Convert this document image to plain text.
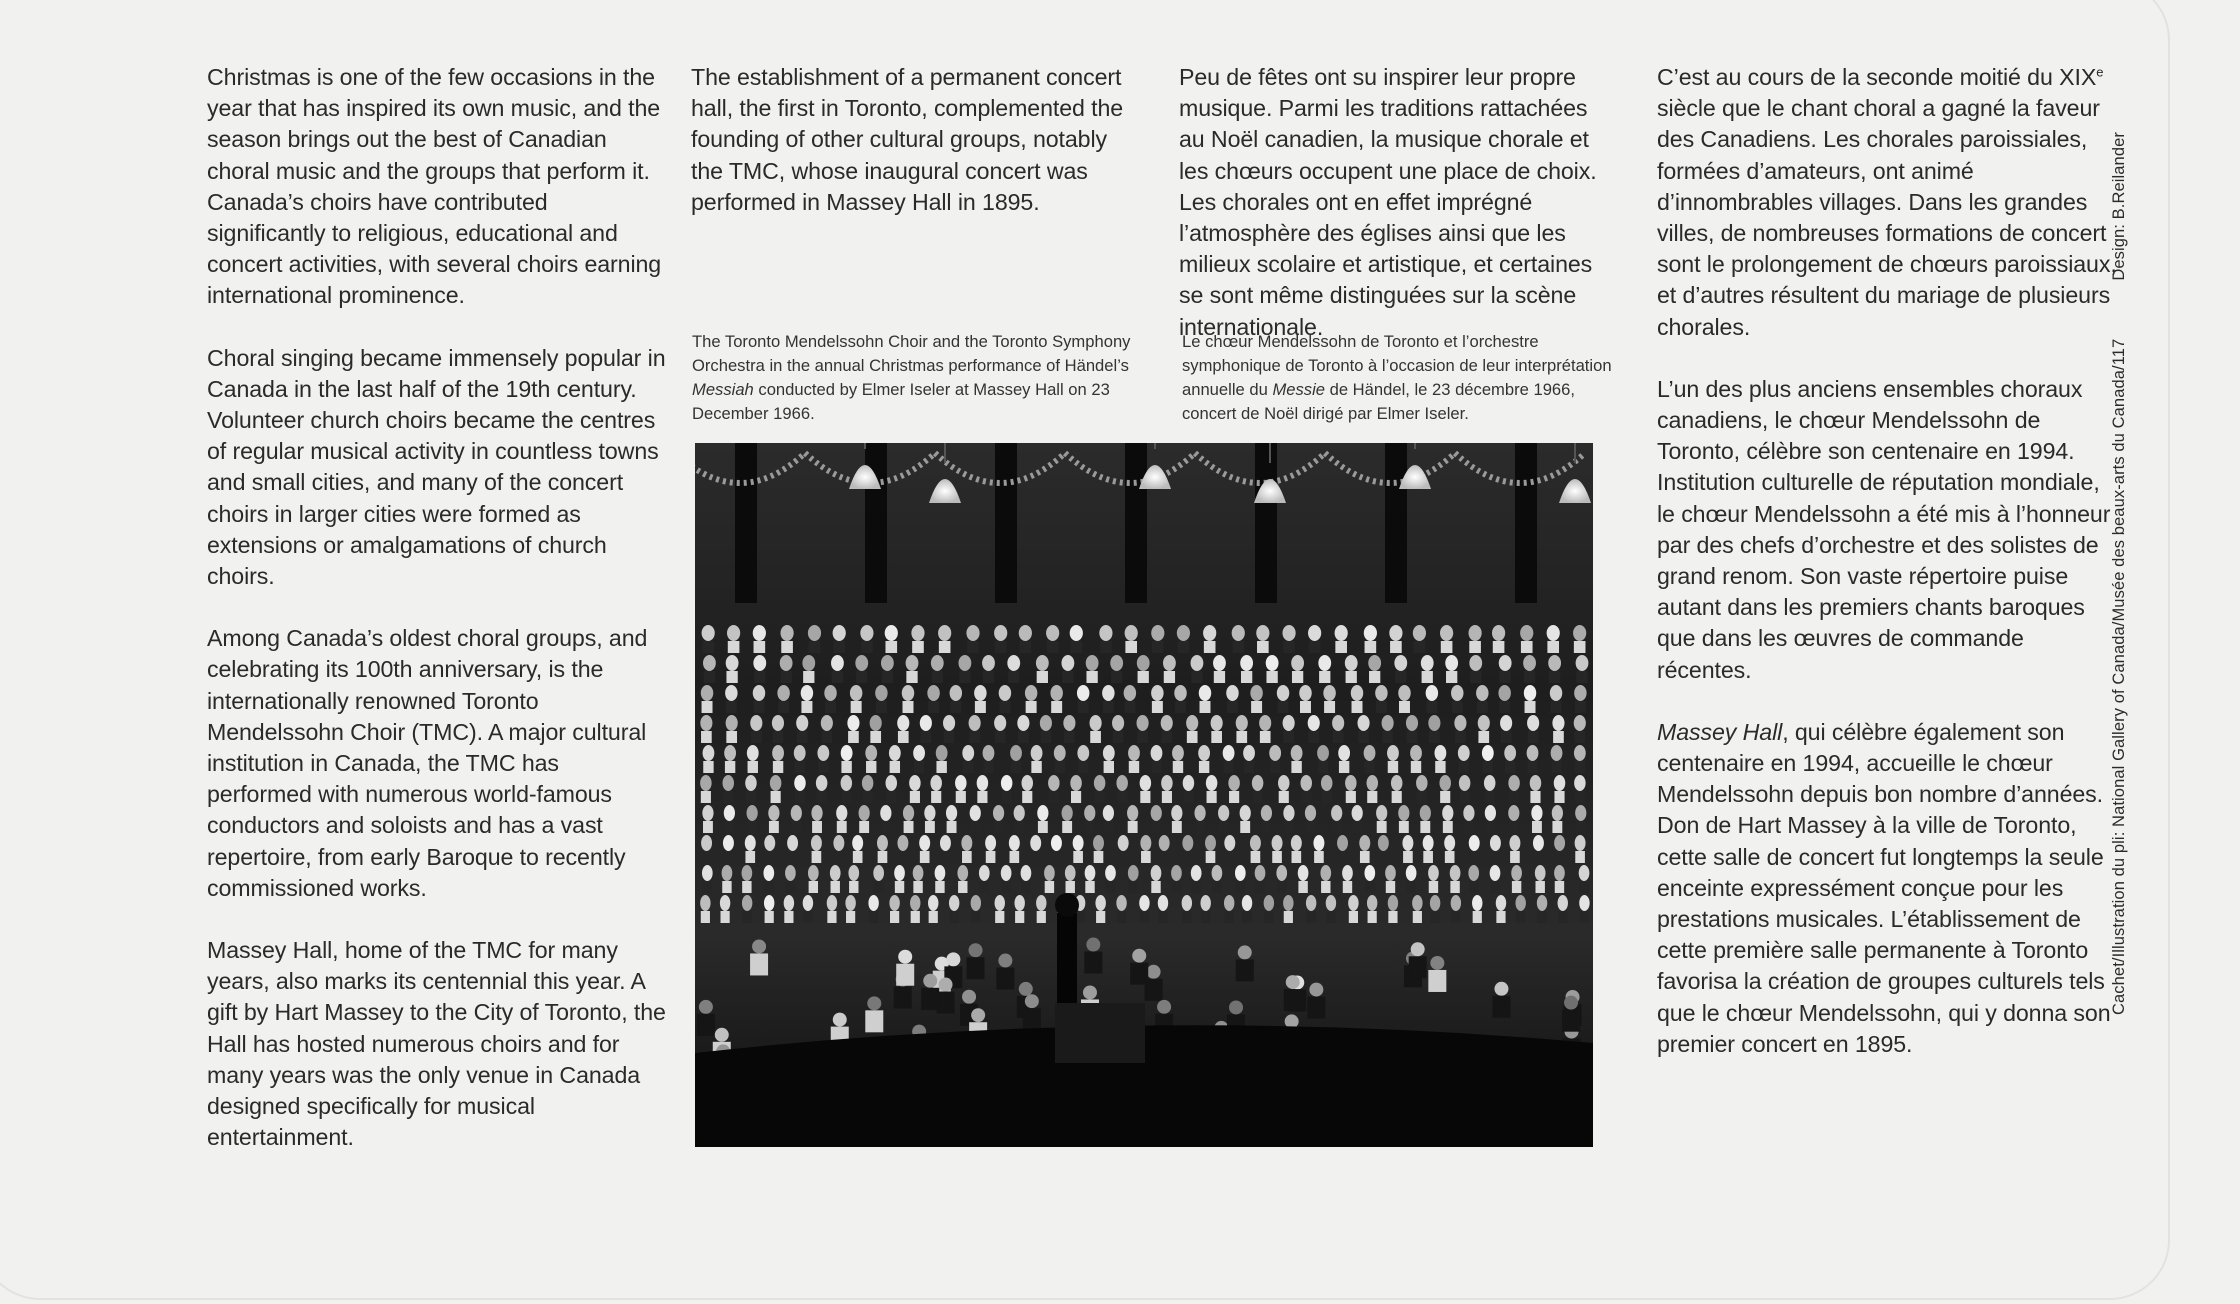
Christmas is one of the few occasions in the year that has inspired its own music, and the season brings out the best of Canadian choral music and the groups that perform it. Canada’s choirs have contributed significantly to religious, educational and concert activities, with several choirs earning international prominence.

Choral singing became immensely popular in Canada in the last half of the 19th century. Volunteer church choirs became the centres of regular musical activity in countless towns and small cities, and many of the concert choirs in larger cities were formed as extensions or amalgamations of church choirs.

Among Canada’s oldest choral groups, and celebrating its 100th anniversary, is the internationally renowned Toronto Mendelssohn Choir (TMC). A major cultural institution in Canada, the TMC has performed with numerous world-famous conductors and soloists and has a vast repertoire, from early Baroque to recently commissioned works.

Massey Hall, home of the TMC for many years, also marks its centennial this year. A gift by Hart Massey to the City of Toronto, the Hall has hosted numerous choirs and for many years was the only venue in Canada designed specifically for musical entertainment.

The establishment of a permanent concert hall, the first in Toronto, complemented the founding of other cultural groups, notably the TMC, whose inaugural concert was performed in Massey Hall in 1895.

Peu de fêtes ont su inspirer leur propre musique. Parmi les traditions rattachées au Noël canadien, la musique chorale et les chœurs occupent une place de choix. Les chorales ont en effet imprégné l’atmosphère des églises ainsi que les milieux scolaire et artistique, et certaines se sont même distinguées sur la scène internationale.

C’est au cours de la seconde moitié du XIXe siècle que le chant choral a gagné la faveur des Canadiens. Les chorales paroissiales, formées d’amateurs, ont animé d’innombrables villages. Dans les grandes villes, de nombreuses formations de concert sont le prolongement de chœurs paroissiaux, et d’autres résultent du mariage de plusieurs chorales.

L’un des plus anciens ensembles choraux canadiens, le chœur Mendelssohn de Toronto, célèbre son centenaire en 1994. Institution culturelle de réputation mondiale, le chœur Mendelssohn a été mis à l’honneur par des chefs d’orchestre et des solistes de grand renom. Son vaste répertoire puise autant dans les premiers chants baroques que dans les œuvres de commande récentes.

Massey Hall, qui célèbre également son centenaire en 1994, accueille le chœur Mendelssohn depuis bon nombre d’années. Don de Hart Massey à la ville de Toronto, cette salle de concert fut longtemps la seule enceinte expressément conçue pour les prestations musicales. L’établissement de cette première salle permanente à Toronto favorisa la création de groupes culturels tels que le chœur Mendelssohn, qui y donna son premier concert en 1895.

The Toronto Mendelssohn Choir and the Toronto Symphony Orchestra in the annual Christmas performance of Händel’s Messiah conducted by Elmer Iseler at Massey Hall on 23 December 1966.
Le chœur Mendelssohn de Toronto et l’orchestre symphonique de Toronto à l’occasion de leur interprétation annuelle du Messie de Händel, le 23 décembre 1966, concert de Noël dirigé par Elmer Iseler.	Cachet/Illustration du pli: National Gallery of Canada/Musée des beaux-arts du Canada/117Design: B.Reilander
